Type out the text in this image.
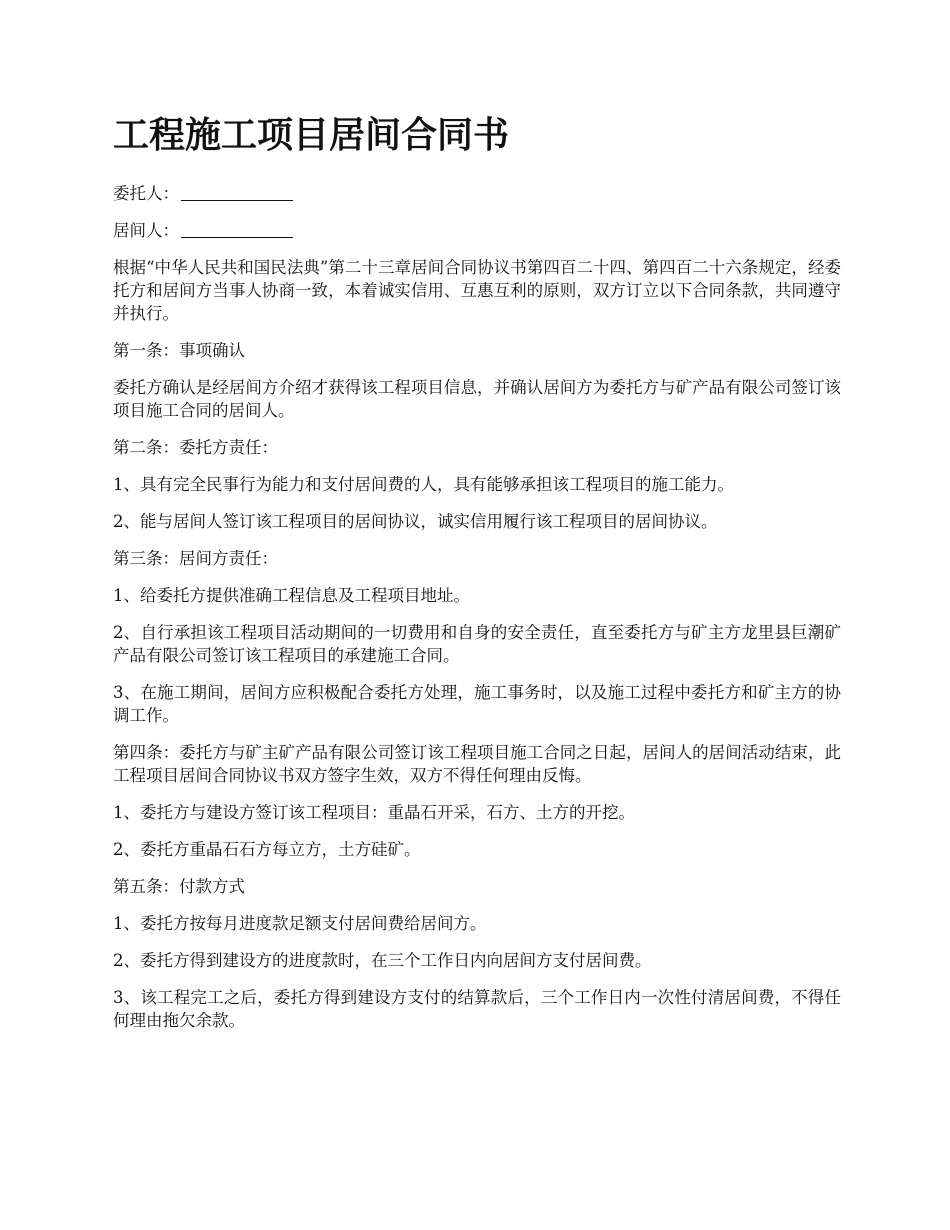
工程施工项目居间合同书

委托人：

居间人：

根据“中华人民共和国民法典”第二十三章居间合同协议书第四百二十四、第四百二十六条规定，经委托方和居间方当事人协商一致，本着诚实信用、互惠互利的原则，双方订立以下合同条款，共同遵守并执行。

第一条：事项确认

委托方确认是经居间方介绍才获得该工程项目信息，并确认居间方为委托方与矿产品有限公司签订该项目施工合同的居间人。

第二条：委托方责任：

1、具有完全民事行为能力和支付居间费的人，具有能够承担该工程项目的施工能力。

2、能与居间人签订该工程项目的居间协议，诚实信用履行该工程项目的居间协议。

第三条：居间方责任：

1、给委托方提供准确工程信息及工程项目地址。

2、自行承担该工程项目活动期间的一切费用和自身的安全责任，直至委托方与矿主方龙里县巨潮矿产品有限公司签订该工程项目的承建施工合同。

3、在施工期间，居间方应积极配合委托方处理，施工事务时，以及施工过程中委托方和矿主方的协调工作。

第四条：委托方与矿主矿产品有限公司签订该工程项目施工合同之日起，居间人的居间活动结束，此工程项目居间合同协议书双方签字生效，双方不得任何理由反悔。

1、委托方与建设方签订该工程项目：重晶石开采，石方、土方的开挖。

2、委托方重晶石石方每立方，土方硅矿。

第五条：付款方式

1、委托方按每月进度款足额支付居间费给居间方。

2、委托方得到建设方的进度款时，在三个工作日内向居间方支付居间费。

3、该工程完工之后，委托方得到建设方支付的结算款后，三个工作日内一次性付清居间费，不得任何理由拖欠余款。
